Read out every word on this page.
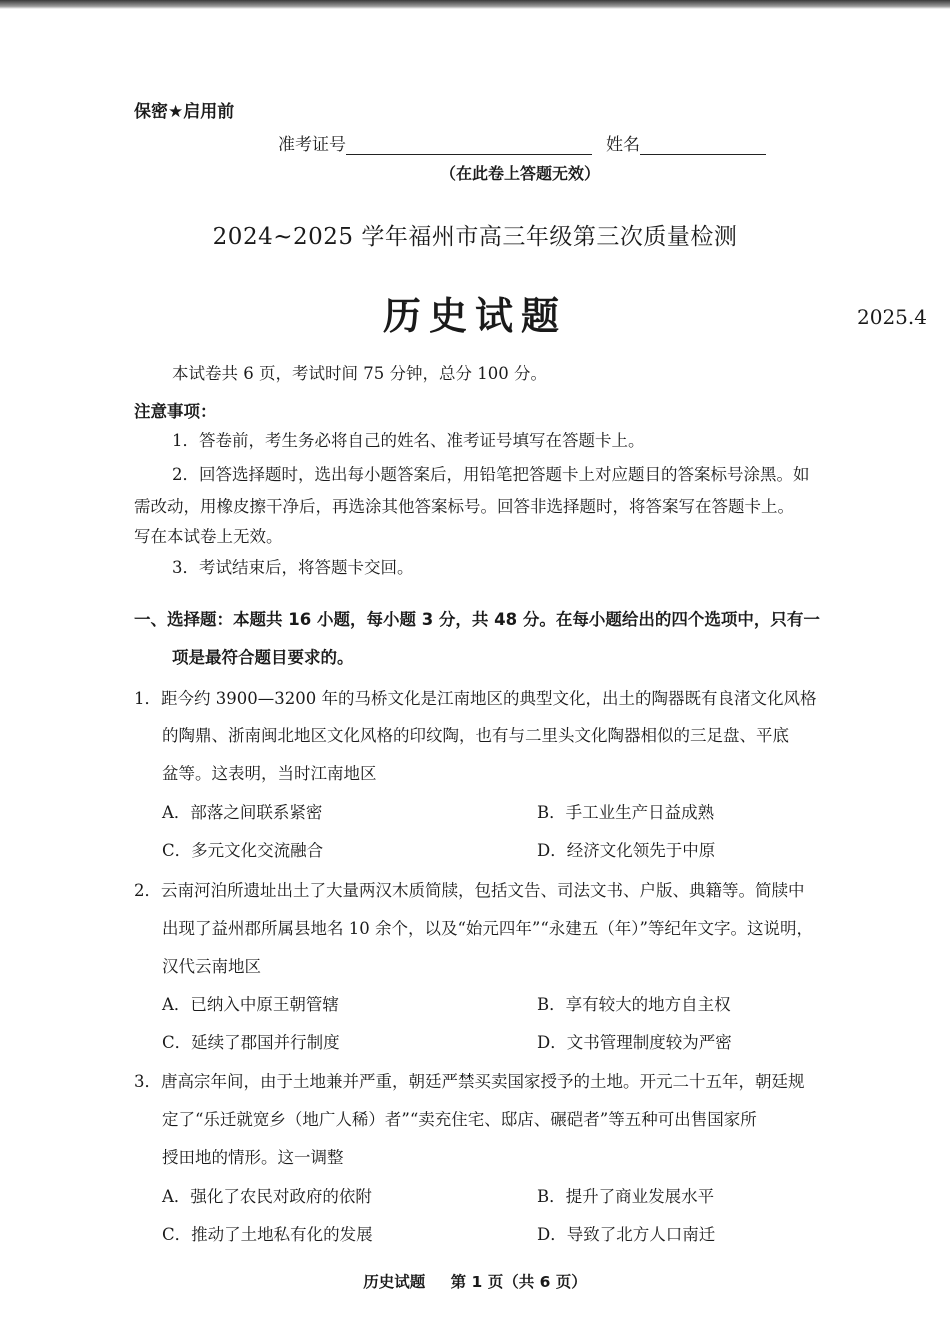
保密★启用前
准考证号	姓名
（在此卷上答题无效）
2024~2025 学年福州市高三年级第三次质量检测
历史试题	2025.4
本试卷共 6 页，考试时间 75 分钟，总分 100 分。
注意事项：
1．答卷前，考生务必将自己的姓名、准考证号填写在答题卡上。
2．回答选择题时，选出每小题答案后，用铅笔把答题卡上对应题目的答案标号涂黑。如
需改动，用橡皮擦干净后，再选涂其他答案标号。回答非选择题时，将答案写在答题卡上。
写在本试卷上无效。
3．考试结束后，将答题卡交回。
一、选择题：本题共 16 小题，每小题 3 分，共 48 分。在每小题给出的四个选项中，只有一
项是最符合题目要求的。
1．距今约 3900—3200 年的马桥文化是江南地区的典型文化，出土的陶器既有良渚文化风格
的陶鼎、浙南闽北地区文化风格的印纹陶，也有与二里头文化陶器相似的三足盘、平底
盆等。这表明，当时江南地区
A．部落之间联系紧密	B．手工业生产日益成熟
C．多元文化交流融合	D．经济文化领先于中原
2．云南河泊所遗址出土了大量两汉木质简牍，包括文告、司法文书、户版、典籍等。简牍中
出现了益州郡所属县地名 10 余个，以及“始元四年”“永建五（年）”等纪年文字。这说明，
汉代云南地区
A．已纳入中原王朝管辖	B．享有较大的地方自主权
C．延续了郡国并行制度	D．文书管理制度较为严密
3．唐高宗年间，由于土地兼并严重，朝廷严禁买卖国家授予的土地。开元二十五年，朝廷规
定了“乐迁就宽乡（地广人稀）者”“卖充住宅、邸店、碾硙者”等五种可出售国家所
授田地的情形。这一调整
A．强化了农民对政府的依附	B．提升了商业发展水平
C．推动了土地私有化的发展	D．导致了北方人口南迁
历史试题 第 1 页（共 6 页）
